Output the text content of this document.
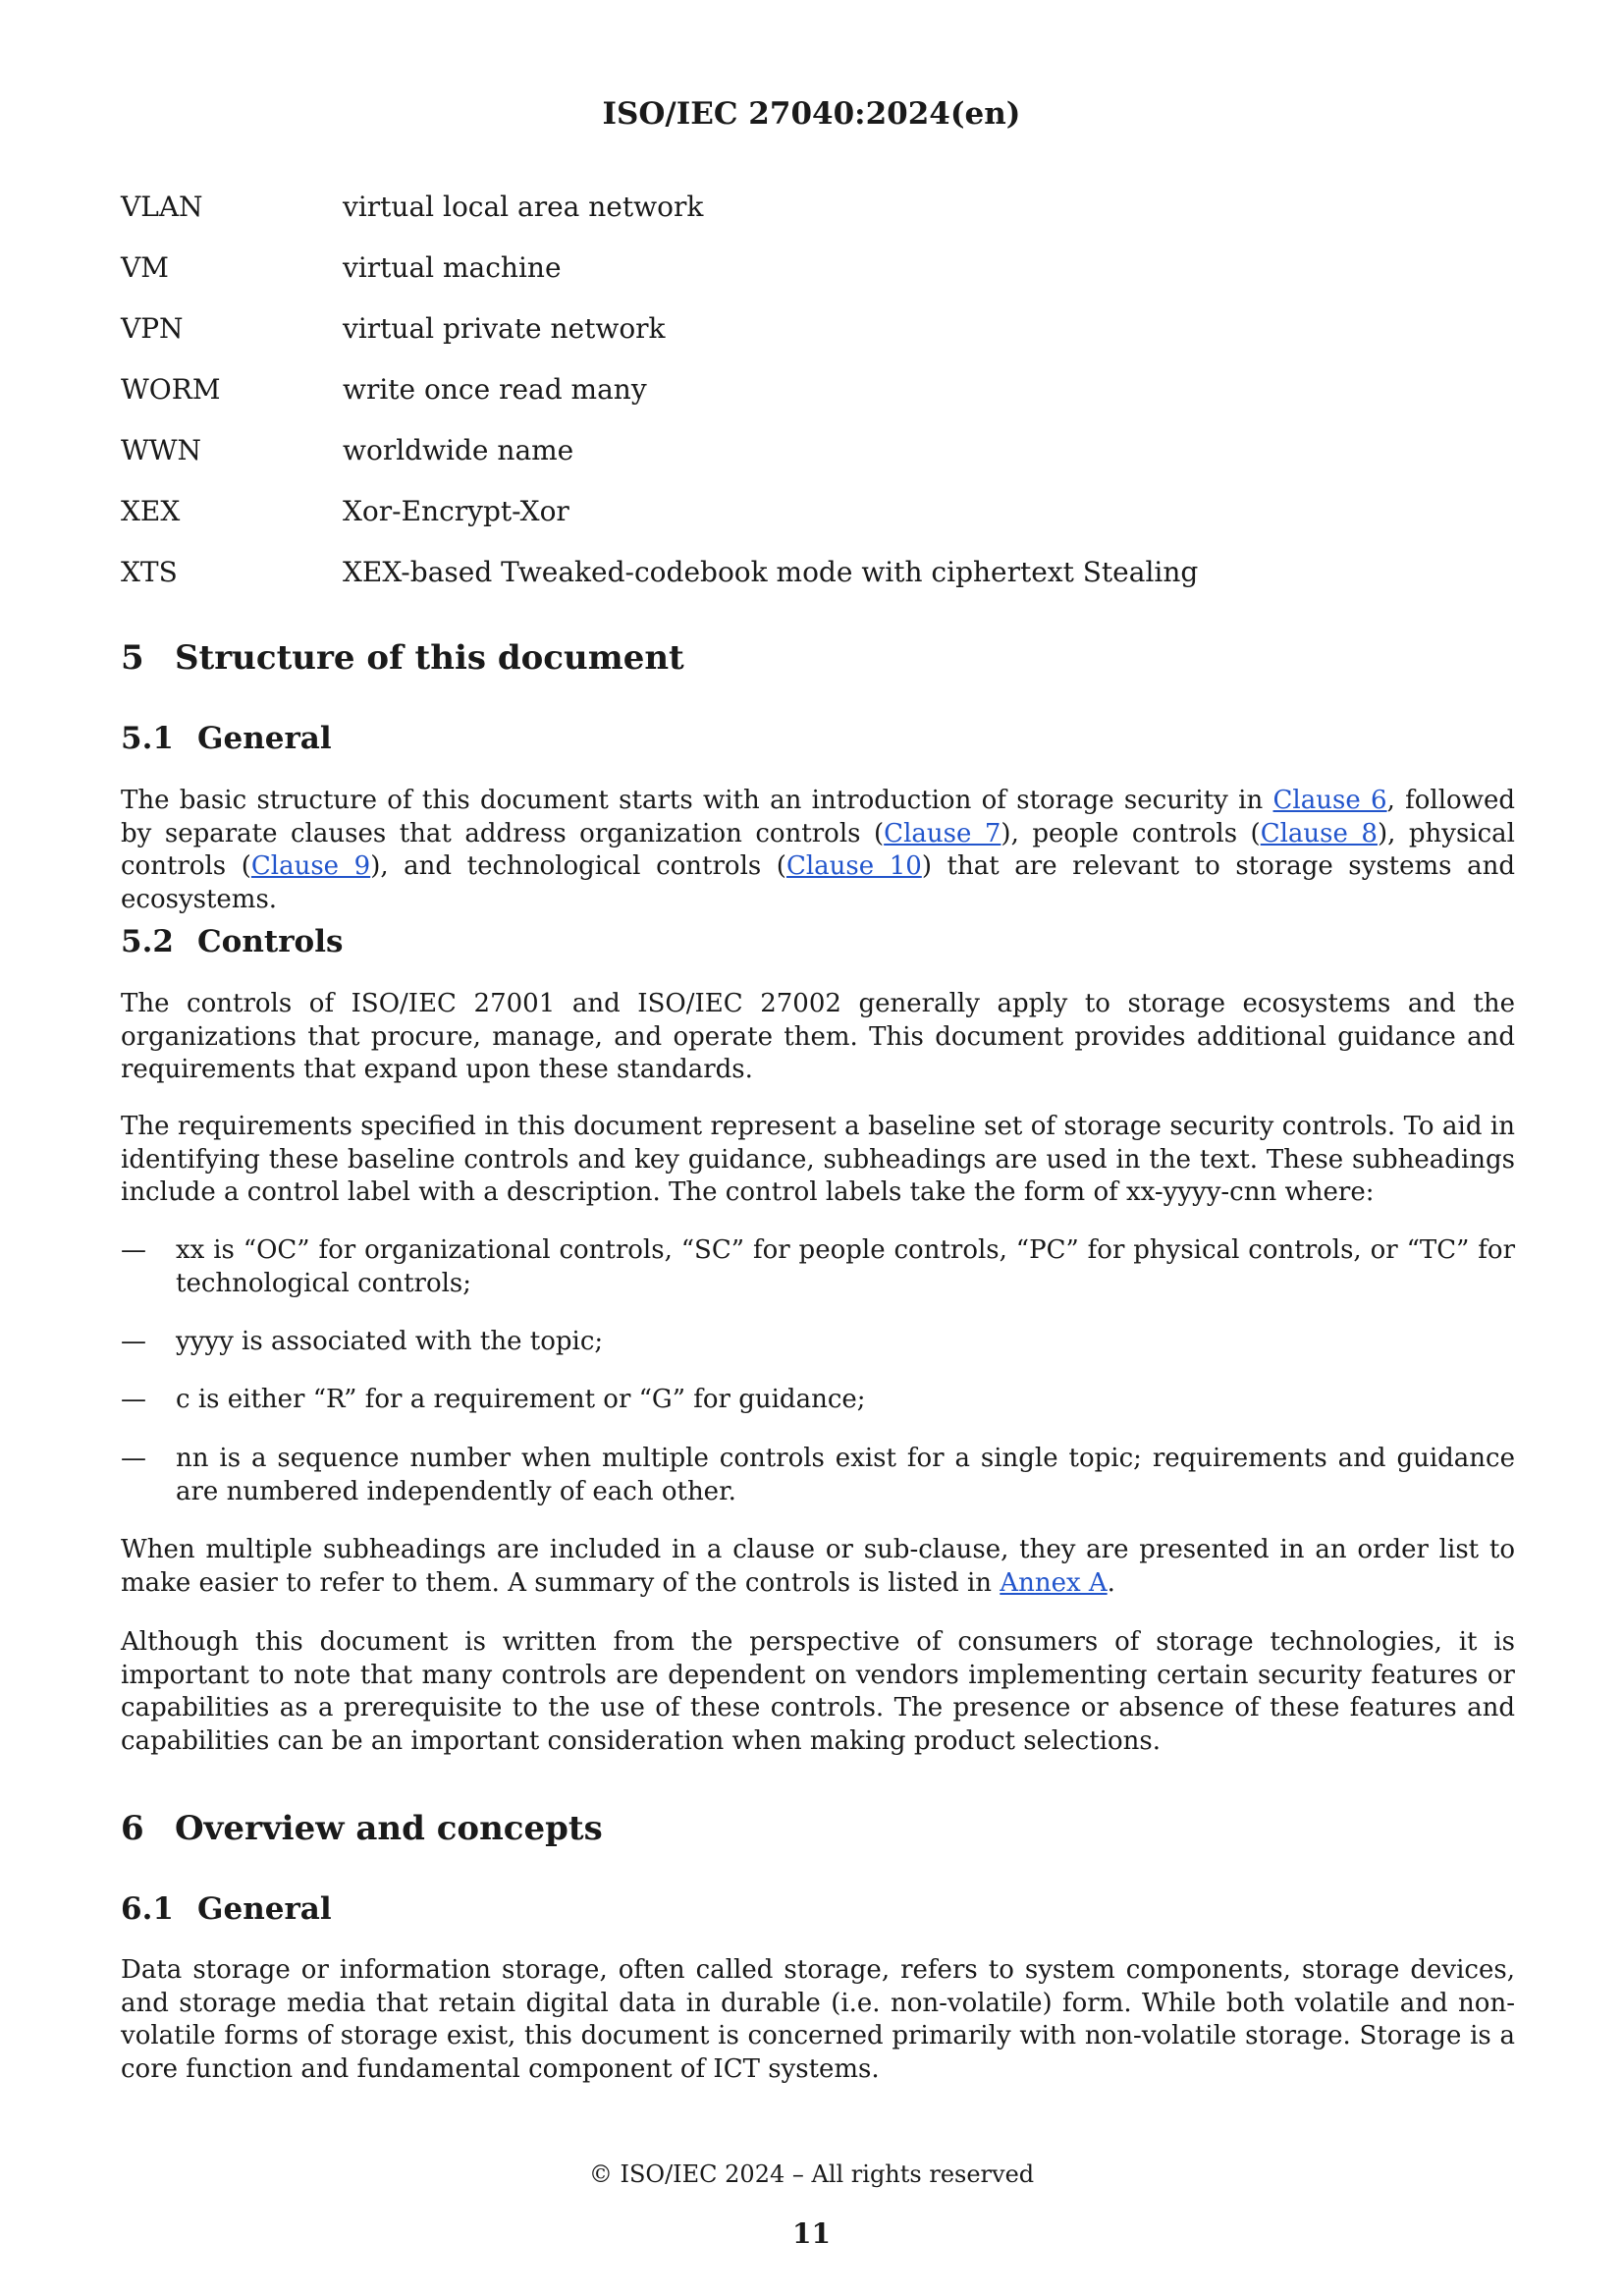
ISO/IEC 27040:2024(en)
VLAN	virtual local area network
VM	virtual machine
VPN	virtual private network
WORM	write once read many
WWN	worldwide name
XEX	Xor-Encrypt-Xor
XTS	XEX-based Tweaked-codebook mode with ciphertext Stealing
5 Structure of this document
5.1 General

The basic structure of this document starts with an introduction of storage security in Clause 6, followed by separate clauses that address organization controls (Clause 7), people controls (Clause 8), physical controls (Clause 9), and technological controls (Clause 10) that are relevant to storage systems and ecosystems.

5.2 Controls

The controls of ISO/IEC 27001 and ISO/IEC 27002 generally apply to storage ecosystems and the organizations that procure, manage, and operate them. This document provides additional guidance and requirements that expand upon these standards.

The requirements specified in this document represent a baseline set of storage security controls. To aid in identifying these baseline controls and key guidance, subheadings are used in the text. These subheadings include a control label with a description. The control labels take the form of xx-yyyy-cnn where:

— xx is “OC” for organizational controls, “SC” for people controls, “PC” for physical controls, or “TC” for technological controls;
— yyyy is associated with the topic;
— c is either “R” for a requirement or “G” for guidance;
— nn is a sequence number when multiple controls exist for a single topic; requirements and guidance are numbered independently of each other.

When multiple subheadings are included in a clause or sub-clause, they are presented in an order list to make easier to refer to them. A summary of the controls is listed in Annex A.

Although this document is written from the perspective of consumers of storage technologies, it is important to note that many controls are dependent on vendors implementing certain security features or capabilities as a prerequisite to the use of these controls. The presence or absence of these features and capabilities can be an important consideration when making product selections.

6 Overview and concepts
6.1 General

Data storage or information storage, often called storage, refers to system components, storage devices, and storage media that retain digital data in durable (i.e. non-volatile) form. While both volatile and non-volatile forms of storage exist, this document is concerned primarily with non-volatile storage. Storage is a core function and fundamental component of ICT systems.

© ISO/IEC 2024 – All rights reserved
11
